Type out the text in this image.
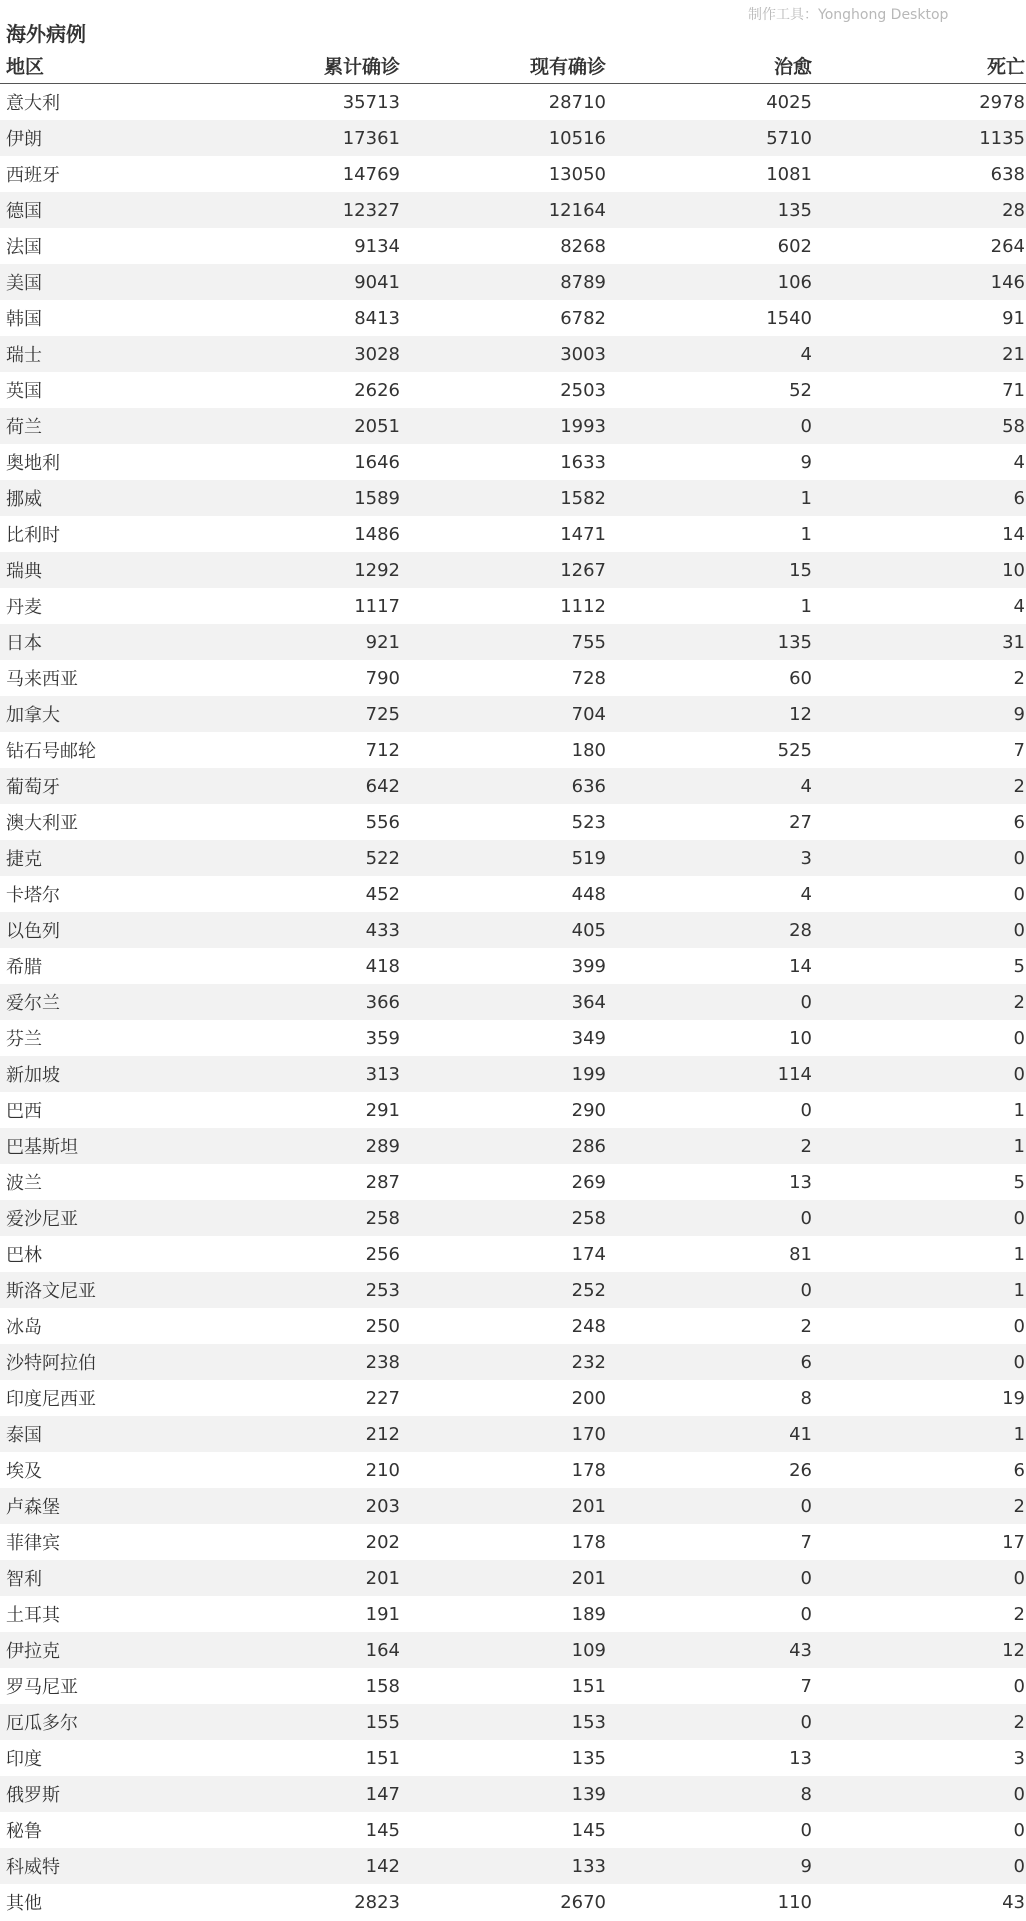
制作工具：Yonghong Desktop
海外病例
地区	累计确诊	现有确诊	治愈	死亡
意大利	35713	28710	4025	2978
伊朗	17361	10516	5710	1135
西班牙	14769	13050	1081	638
德国	12327	12164	135	28
法国	9134	8268	602	264
美国	9041	8789	106	146
韩国	8413	6782	1540	91
瑞士	3028	3003	4	21
英国	2626	2503	52	71
荷兰	2051	1993	0	58
奥地利	1646	1633	9	4
挪威	1589	1582	1	6
比利时	1486	1471	1	14
瑞典	1292	1267	15	10
丹麦	1117	1112	1	4
日本	921	755	135	31
马来西亚	790	728	60	2
加拿大	725	704	12	9
钻石号邮轮	712	180	525	7
葡萄牙	642	636	4	2
澳大利亚	556	523	27	6
捷克	522	519	3	0
卡塔尔	452	448	4	0
以色列	433	405	28	0
希腊	418	399	14	5
爱尔兰	366	364	0	2
芬兰	359	349	10	0
新加坡	313	199	114	0
巴西	291	290	0	1
巴基斯坦	289	286	2	1
波兰	287	269	13	5
爱沙尼亚	258	258	0	0
巴林	256	174	81	1
斯洛文尼亚	253	252	0	1
冰岛	250	248	2	0
沙特阿拉伯	238	232	6	0
印度尼西亚	227	200	8	19
泰国	212	170	41	1
埃及	210	178	26	6
卢森堡	203	201	0	2
菲律宾	202	178	7	17
智利	201	201	0	0
土耳其	191	189	0	2
伊拉克	164	109	43	12
罗马尼亚	158	151	7	0
厄瓜多尔	155	153	0	2
印度	151	135	13	3
俄罗斯	147	139	8	0
秘鲁	145	145	0	0
科威特	142	133	9	0
其他	2823	2670	110	43
